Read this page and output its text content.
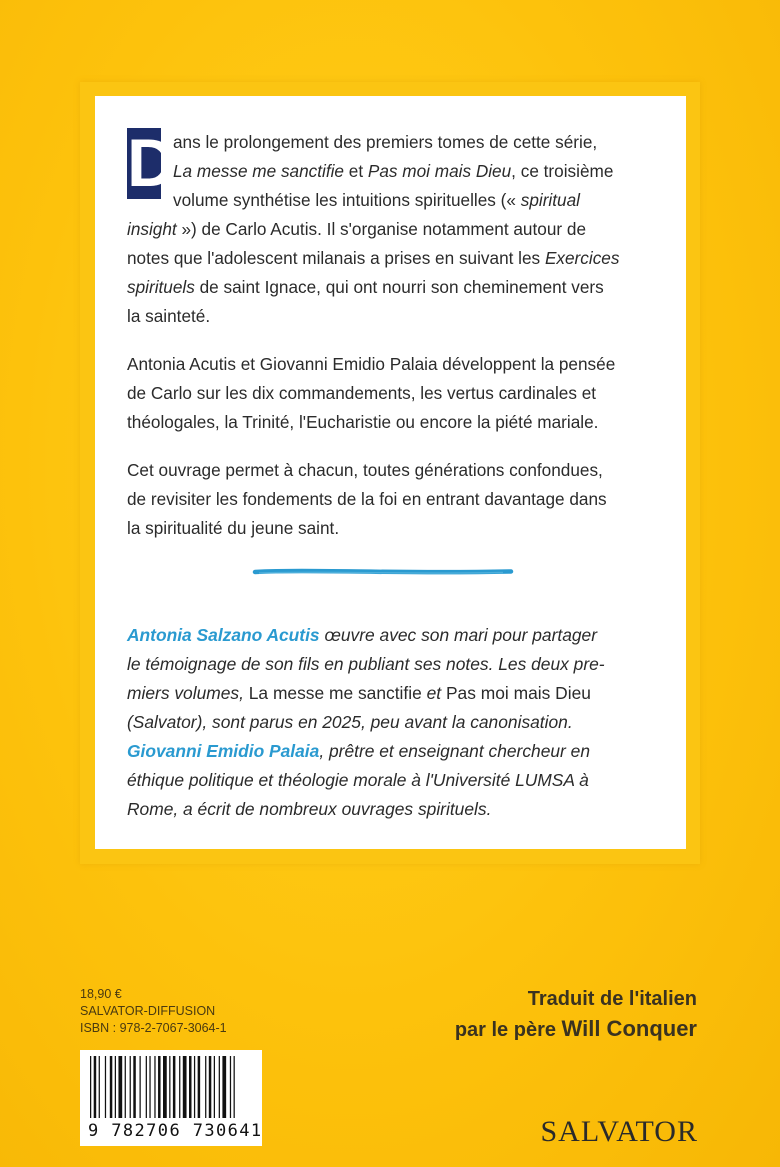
D

ans le prolongement des premiers tomes de cette série,
La messe me sanctifie et Pas moi mais Dieu, ce troisième
volume synthétise les intuitions spirituelles (« spiritual
insight ») de Carlo Acutis. Il s'organise notamment autour de
notes que l'adolescent milanais a prises en suivant les Exercices
spirituels de saint Ignace, qui ont nourri son cheminement vers
la sainteté.

Antonia Acutis et Giovanni Emidio Palaia développent la pensée
de Carlo sur les dix commandements, les vertus cardinales et
théologales, la Trinité, l'Eucharistie ou encore la piété mariale.

Cet ouvrage permet à chacun, toutes générations confondues,
de revisiter les fondements de la foi en entrant davantage dans
la spiritualité du jeune saint.

Antonia Salzano Acutis œuvre avec son mari pour partager
le témoignage de son fils en publiant ses notes. Les deux pre-
miers volumes, La messe me sanctifie et Pas moi mais Dieu
(Salvator), sont parus en 2025, peu avant la canonisation.
Giovanni Emidio Palaia, prêtre et enseignant chercheur en
éthique politique et théologie morale à l'Université LUMSA à
Rome, a écrit de nombreux ouvrages spirituels.
18,90 €
SALVATOR-DIFFUSION
ISBN : 978-2-7067-3064-1
9 782706 730641
Traduit de l'italien
par le père Will Conquer
SALVATOR
